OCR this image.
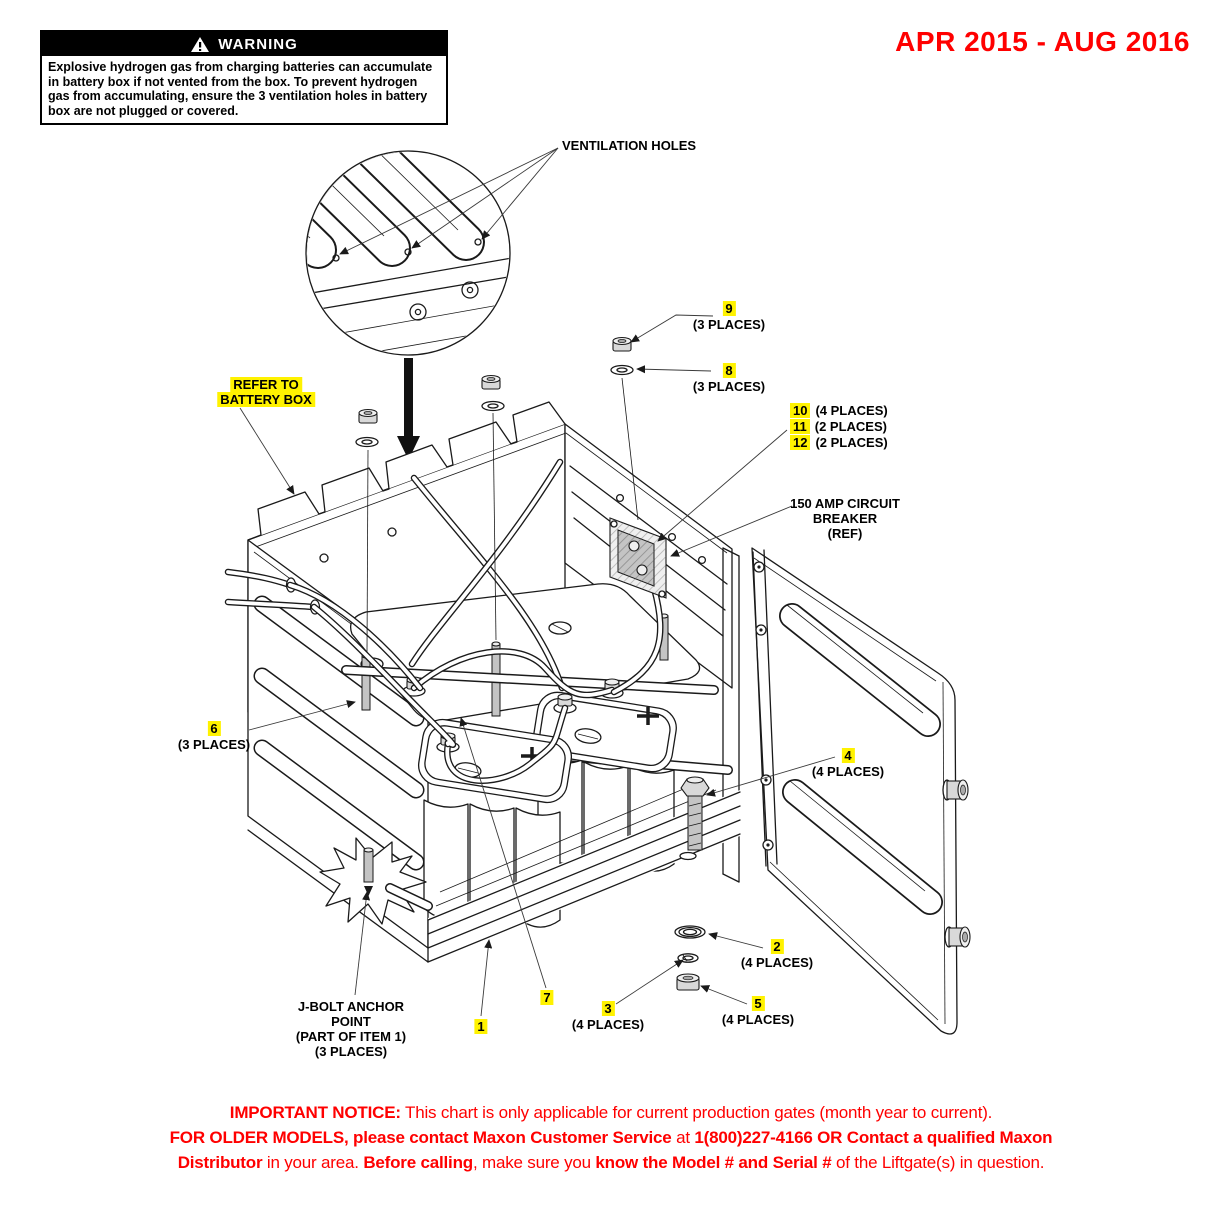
WARNING
Explosive hydrogen gas from charging batteries can accumulate in battery box if not vented from the box. To prevent hydrogen gas from accumulating, ensure the 3 ventilation holes in battery box are not plugged or covered.
APR 2015 - AUG 2016
VENTILATION HOLES
REFER TO
BATTERY BOX
150 AMP CIRCUIT
BREAKER
(REF)
J-BOLT ANCHOR
POINT
(PART OF ITEM 1)
(3 PLACES)
9
(3 PLACES)
8
(3 PLACES)
10 (4 PLACES)
11 (2 PLACES)
12 (2 PLACES)
6
(3 PLACES)
4
(4 PLACES)
2
(4 PLACES)
3
(4 PLACES)
5
(4 PLACES)
7
1
IMPORTANT NOTICE: This chart is only applicable for current production gates (month year to current).
FOR OLDER MODELS, please contact Maxon Customer Service at 1(800)227-4166 OR Contact a qualified Maxon
Distributor in your area. Before calling, make sure you know the Model # and Serial # of the Liftgate(s) in question.
